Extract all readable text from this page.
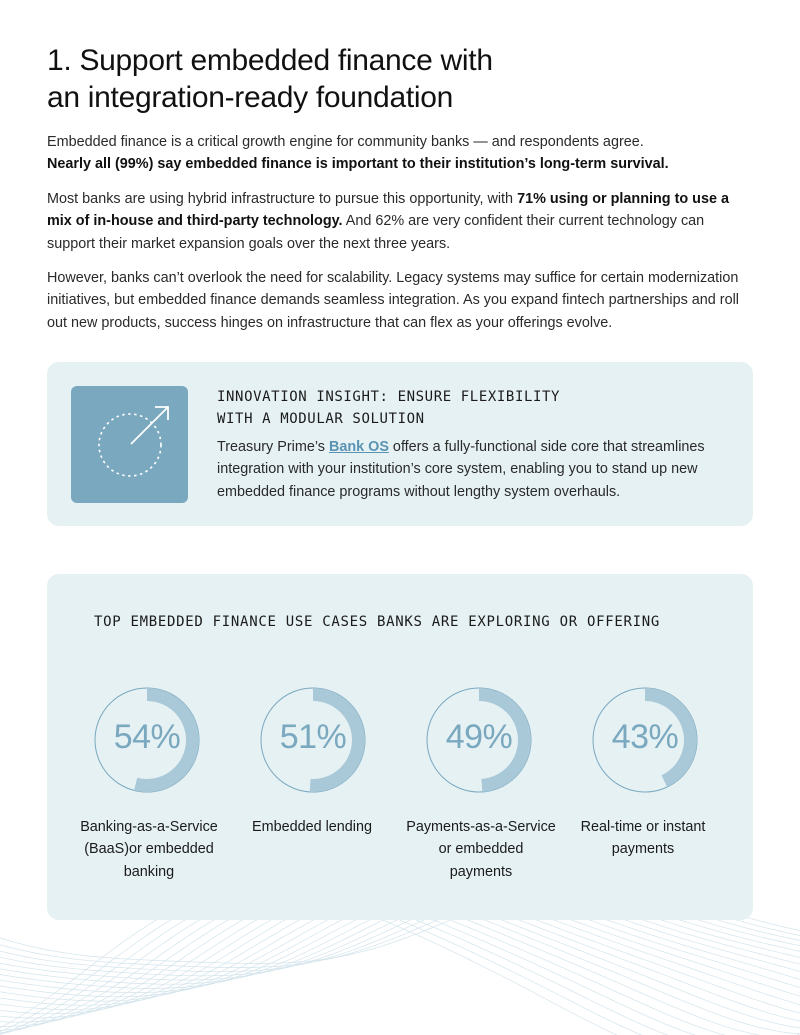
1. Support embedded finance with
an integration-ready foundation

Embedded finance is a critical growth engine for community banks — and respondents agree.
Nearly all (99%) say embedded finance is important to their institution’s long-term survival.

Most banks are using hybrid infrastructure to pursue this opportunity, with 71% using or planning to use a mix of in-house and third-party technology. And 62% are very confident their current technology can support their market expansion goals over the next three years.

However, banks can’t overlook the need for scalability. Legacy systems may suffice for certain modernization initiatives, but embedded finance demands seamless integration. As you expand fintech partnerships and roll out new products, success hinges on infrastructure that can flex as your offerings evolve.

INNOVATION INSIGHT: ENSURE FLEXIBILITY
WITH A MODULAR SOLUTION

Treasury Prime’s Bank OS offers a fully-functional side core that streamlines integration with your institution’s core system, enabling you to stand up new embedded finance programs without lengthy system overhauls.

TOP EMBEDDED FINANCE USE CASES BANKS ARE EXPLORING OR OFFERING

54%
Banking-as-a-Service (BaaS)or embedded banking
51%
Embedded lending
49%
Payments-as-a-Service or embedded payments
43%
Real-time or instant payments
